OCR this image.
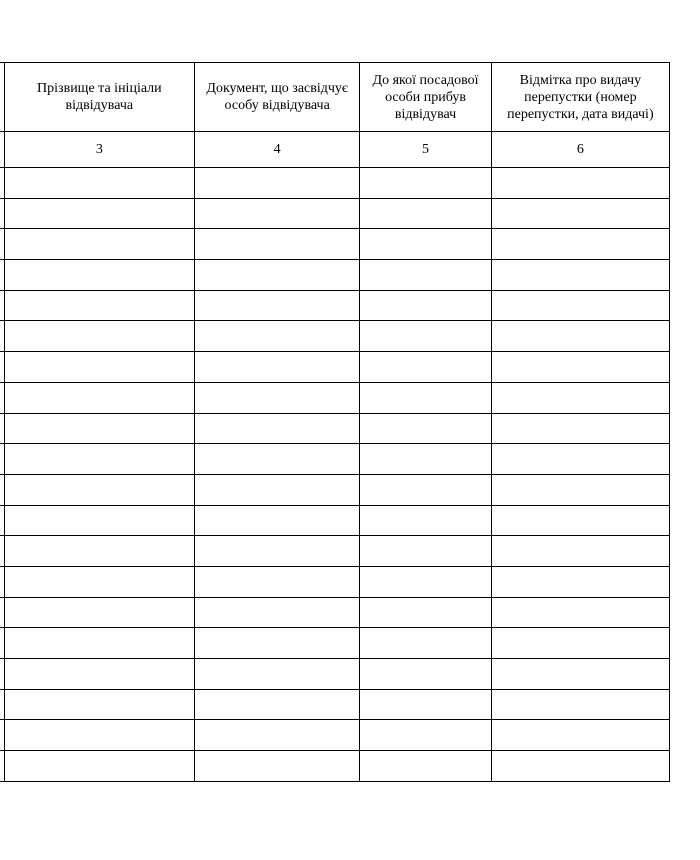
	Прізвище та ініціали відвідувача	Документ, що засвідчує особу відвідувача	До якої посадової особи прибув відвідувач	Відмітка про видачу перепустки (номер перепустки, дата видачі)

	3	4	5	6
